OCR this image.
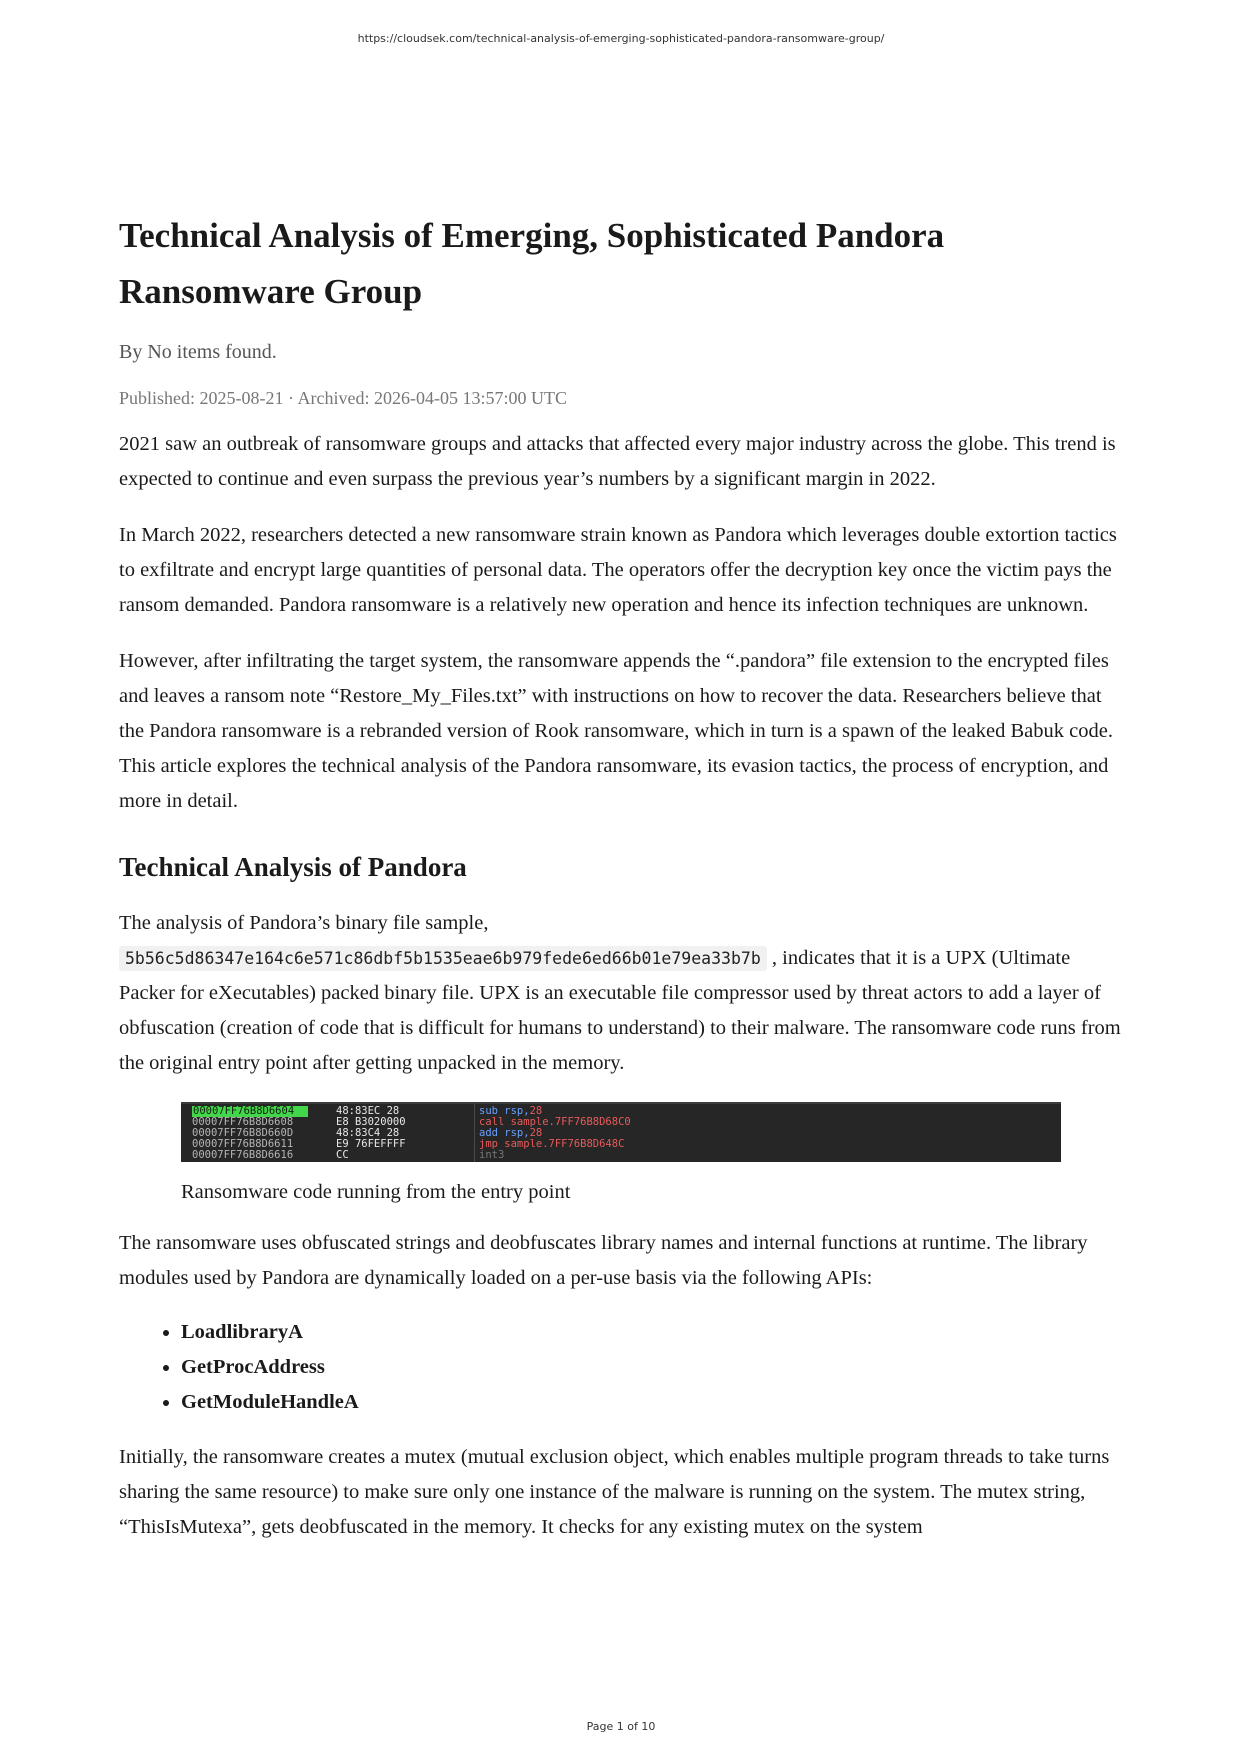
https://cloudsek.com/technical-analysis-of-emerging-sophisticated-pandora-ransomware-group/
Technical Analysis of Emerging, Sophisticated Pandora Ransomware Group
By No items found.
Published: 2025-08-21 · Archived: 2026-04-05 13:57:00 UTC

2021 saw an outbreak of ransomware groups and attacks that affected every major industry across the globe. This trend is expected to continue and even surpass the previous year’s numbers by a significant margin in 2022.

In March 2022, researchers detected a new ransomware strain known as Pandora which leverages double extortion tactics to exfiltrate and encrypt large quantities of personal data. The operators offer the decryption key once the victim pays the ransom demanded. Pandora ransomware is a relatively new operation and hence its infection techniques are unknown.

However, after infiltrating the target system, the ransomware appends the “.pandora” file extension to the encrypted files and leaves a ransom note “Restore_My_Files.txt” with instructions on how to recover the data. Researchers believe that the Pandora ransomware is a rebranded version of Rook ransomware, which in turn is a spawn of the leaked Babuk code. This article explores the technical analysis of the Pandora ransomware, its evasion tactics, the process of encryption, and more in detail.

Technical Analysis of Pandora

The analysis of Pandora’s binary file sample, 5b56c5d86347e164c6e571c86dbf5b1535eae6b979fede6ed66b01e79ea33b7b , indicates that it is a UPX (Ultimate Packer for eXecutables) packed binary file. UPX is an executable file compressor used by threat actors to add a layer of obfuscation (creation of code that is difficult for humans to understand) to their malware. The ransomware code runs from the original entry point after getting unpacked in the memory.

00007FF76B8D6604	48:83EC 28	sub rsp,28
00007FF76B8D6608	E8 B3020000	call sample.7FF76B8D68C0
00007FF76B8D660D	48:83C4 28	add rsp,28
00007FF76B8D6611	E9 76FEFFFF	jmp sample.7FF76B8D648C
00007FF76B8D6616	CC	int3
Ransomware code running from the entry point

The ransomware uses obfuscated strings and deobfuscates library names and internal functions at runtime. The library modules used by Pandora are dynamically loaded on a per-use basis via the following APIs:

LoadlibraryA
GetProcAddress
GetModuleHandleA

Initially, the ransomware creates a mutex (mutual exclusion object, which enables multiple program threads to take turns sharing the same resource) to make sure only one instance of the malware is running on the system. The mutex string, “ThisIsMutexa”, gets deobfuscated in the memory. It checks for any existing mutex on the system

Page 1 of 10
